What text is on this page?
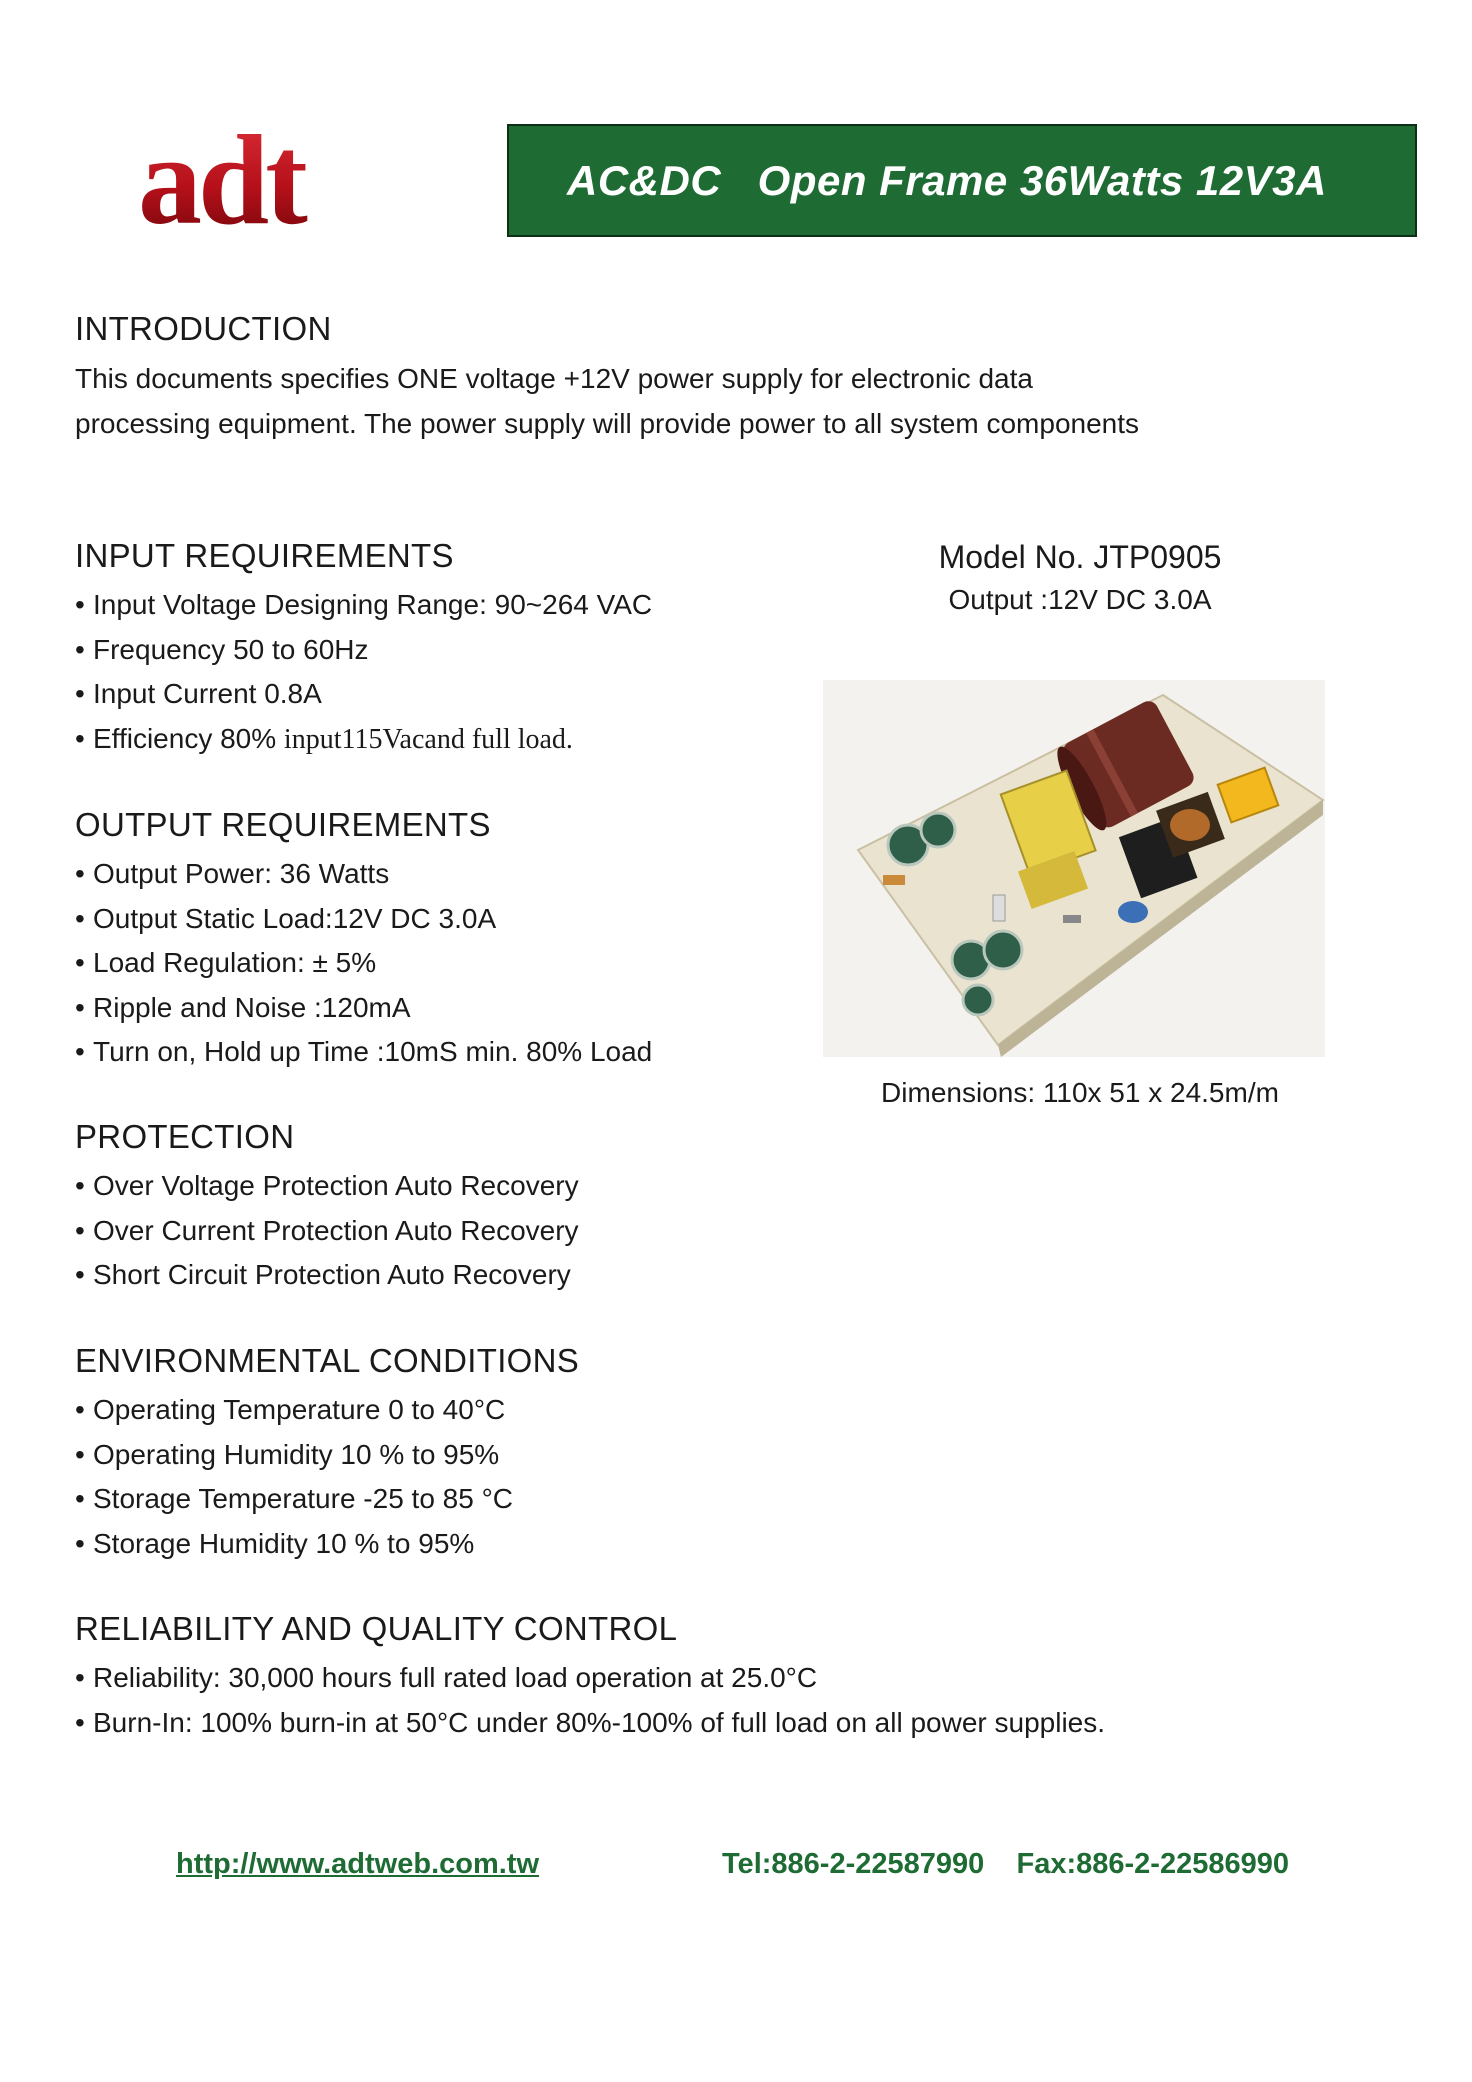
adt	AC&DC   Open Frame 36Watts 12V3A
INTRODUCTION

This documents specifies ONE voltage +12V power supply for electronic data

processing equipment. The power supply will provide power to all system components

INPUT REQUIREMENTS
• Input Voltage Designing Range: 90~264 VAC
• Frequency 50 to 60Hz
• Input Current 0.8A
• Efficiency 80% input115Vacand full load.
OUTPUT REQUIREMENTS
• Output Power: 36 Watts
• Output Static Load:12V DC 3.0A
• Load Regulation: ± 5%
• Ripple and Noise :120mA
• Turn on, Hold up Time :10mS min. 80% Load
PROTECTION
• Over Voltage Protection Auto Recovery
• Over Current Protection Auto Recovery
• Short Circuit Protection Auto Recovery
ENVIRONMENTAL CONDITIONS
• Operating Temperature 0 to 40°C
• Operating Humidity 10 % to 95%
• Storage Temperature -25 to 85 °C
• Storage Humidity 10 % to 95%
RELIABILITY AND QUALITY CONTROL
• Reliability: 30,000 hours full rated load operation at 25.0°C
• Burn-In: 100% burn-in at 50°C under 80%-100% of full load on all power supplies.
Model No. JTP0905
Output :12V DC 3.0A
Dimensions: 110x 51 x 24.5m/m
http://www.adtweb.com.tw	Tel:886-2-22587990    Fax:886-2-22586990
